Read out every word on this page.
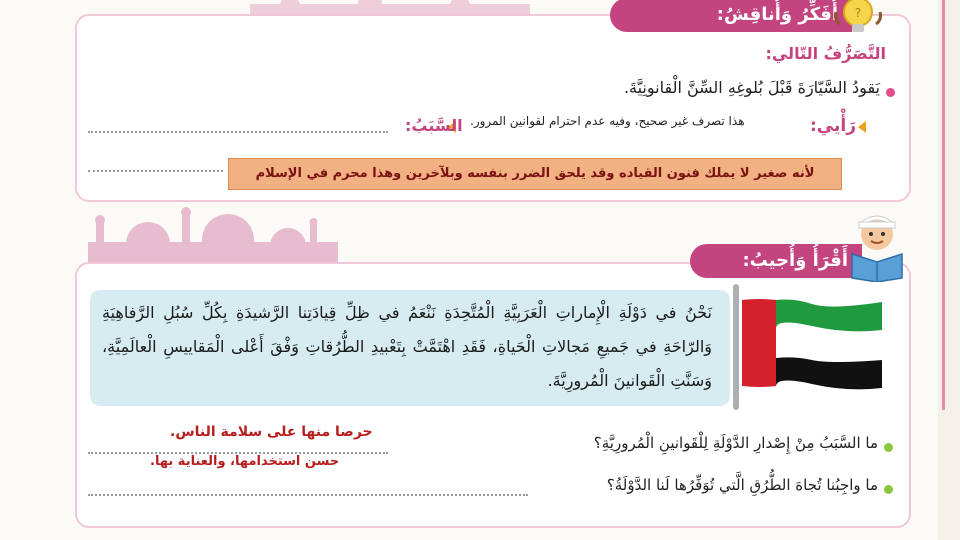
أُفَكِّرُ وَأُناقِشُ:	?
التَّصَرُّفُ التّالي:
يَقودُ السَّيّارَةَ قَبْلَ بُلوغِهِ السِّنَّ الْقانونِيَّةَ.
رَأْيي:
هذا تصرف غير صحيح، وفيه عدم احترام لقوانين المرور.
السَّبَبُ:
لأنه صغير لا يملك فنون القياده وقد يلحق الضرر بنفسه وبلآخرين وهذا محرم في الإسلام
أَقْرَأُ وَأُجيبُ:
نَحْنُ في دَوْلَةِ الْإِماراتِ الْعَرَبِيَّةِ الْمُتَّحِدَةِ نَنْعَمُ في ظِلِّ قِيادَتِنا الرَّشيدَةِ بِكُلِّ سُبُلِ الرَّفاهِيَةِ وَالرّاحَةِ في جَميعِ مَجالاتِ الْحَياةِ، فَقَدِ اهْتَمَّتْ بِتَعْبيدِ الطُّرُقاتِ وَفْقَ أَعْلى الْمَقاييسِ الْعالَمِيَّةِ، وَسَنَّتِ الْقَوانينَ الْمُرورِيَّةَ.
ما السَّبَبُ مِنْ إِصْدارِ الدَّوْلَةِ لِلْقَوانينِ الْمُرورِيَّةِ؟
حرصا منها على سلامة الناس.
ما واجِبُنا تُجاهَ الطُّرُقِ الَّتي تُوَفِّرُها لَنا الدَّوْلَةُ؟
حسن استخدامها، والعناية بها.
